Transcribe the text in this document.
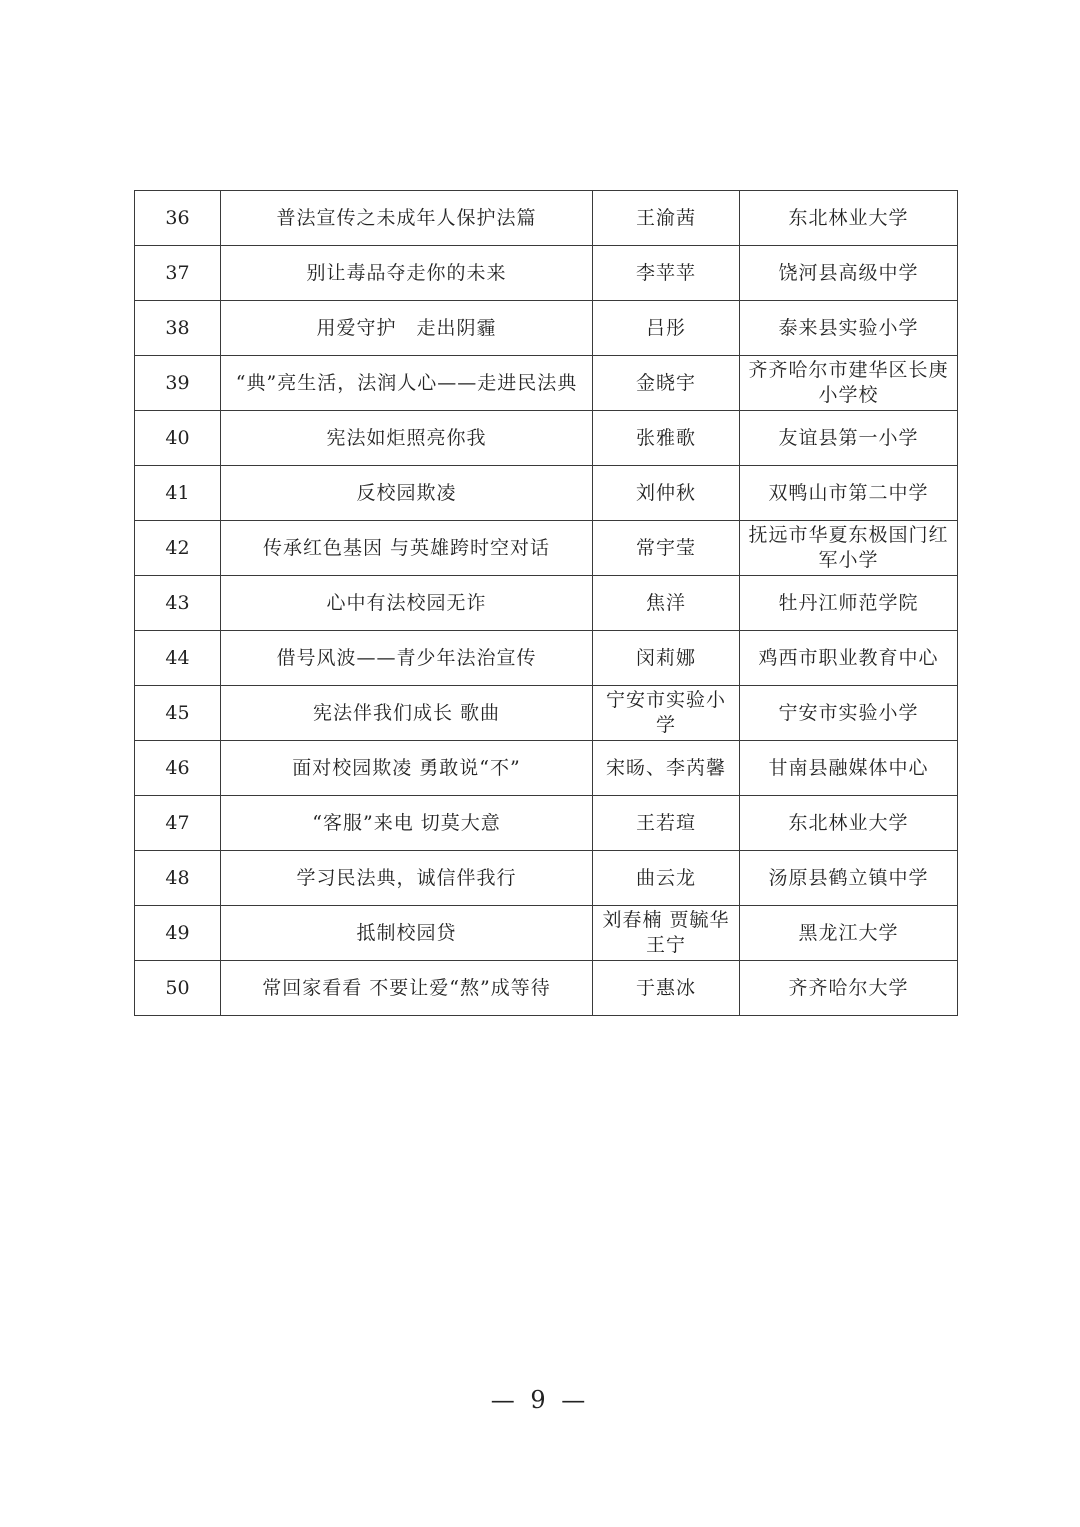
36	普法宣传之未成年人保护法篇	王渝茜	东北林业大学
37	别让毒品夺走你的未来	李苹苹	饶河县高级中学
38	用爱守护　走出阴霾	吕彤	泰来县实验小学
39	“典”亮生活，法润人心——走进民法典	金晓宇	齐齐哈尔市建华区长庚小学校
40	宪法如炬照亮你我	张雅歌	友谊县第一小学
41	反校园欺凌	刘仲秋	双鸭山市第二中学
42	传承红色基因 与英雄跨时空对话	常宇莹	抚远市华夏东极国门红军小学
43	心中有法校园无诈	焦洋	牡丹江师范学院
44	借号风波——青少年法治宣传	闵莉娜	鸡西市职业教育中心
45	宪法伴我们成长 歌曲	宁安市实验小学	宁安市实验小学
46	面对校园欺凌 勇敢说“不”	宋旸、李芮馨	甘南县融媒体中心
47	“客服”来电 切莫大意	王若瑄	东北林业大学
48	学习民法典，诚信伴我行	曲云龙	汤原县鹤立镇中学
49	抵制校园贷	刘春楠 贾毓华 王宁	黑龙江大学
50	常回家看看 不要让爱“熬”成等待	于惠冰	齐齐哈尔大学
— 9 —
